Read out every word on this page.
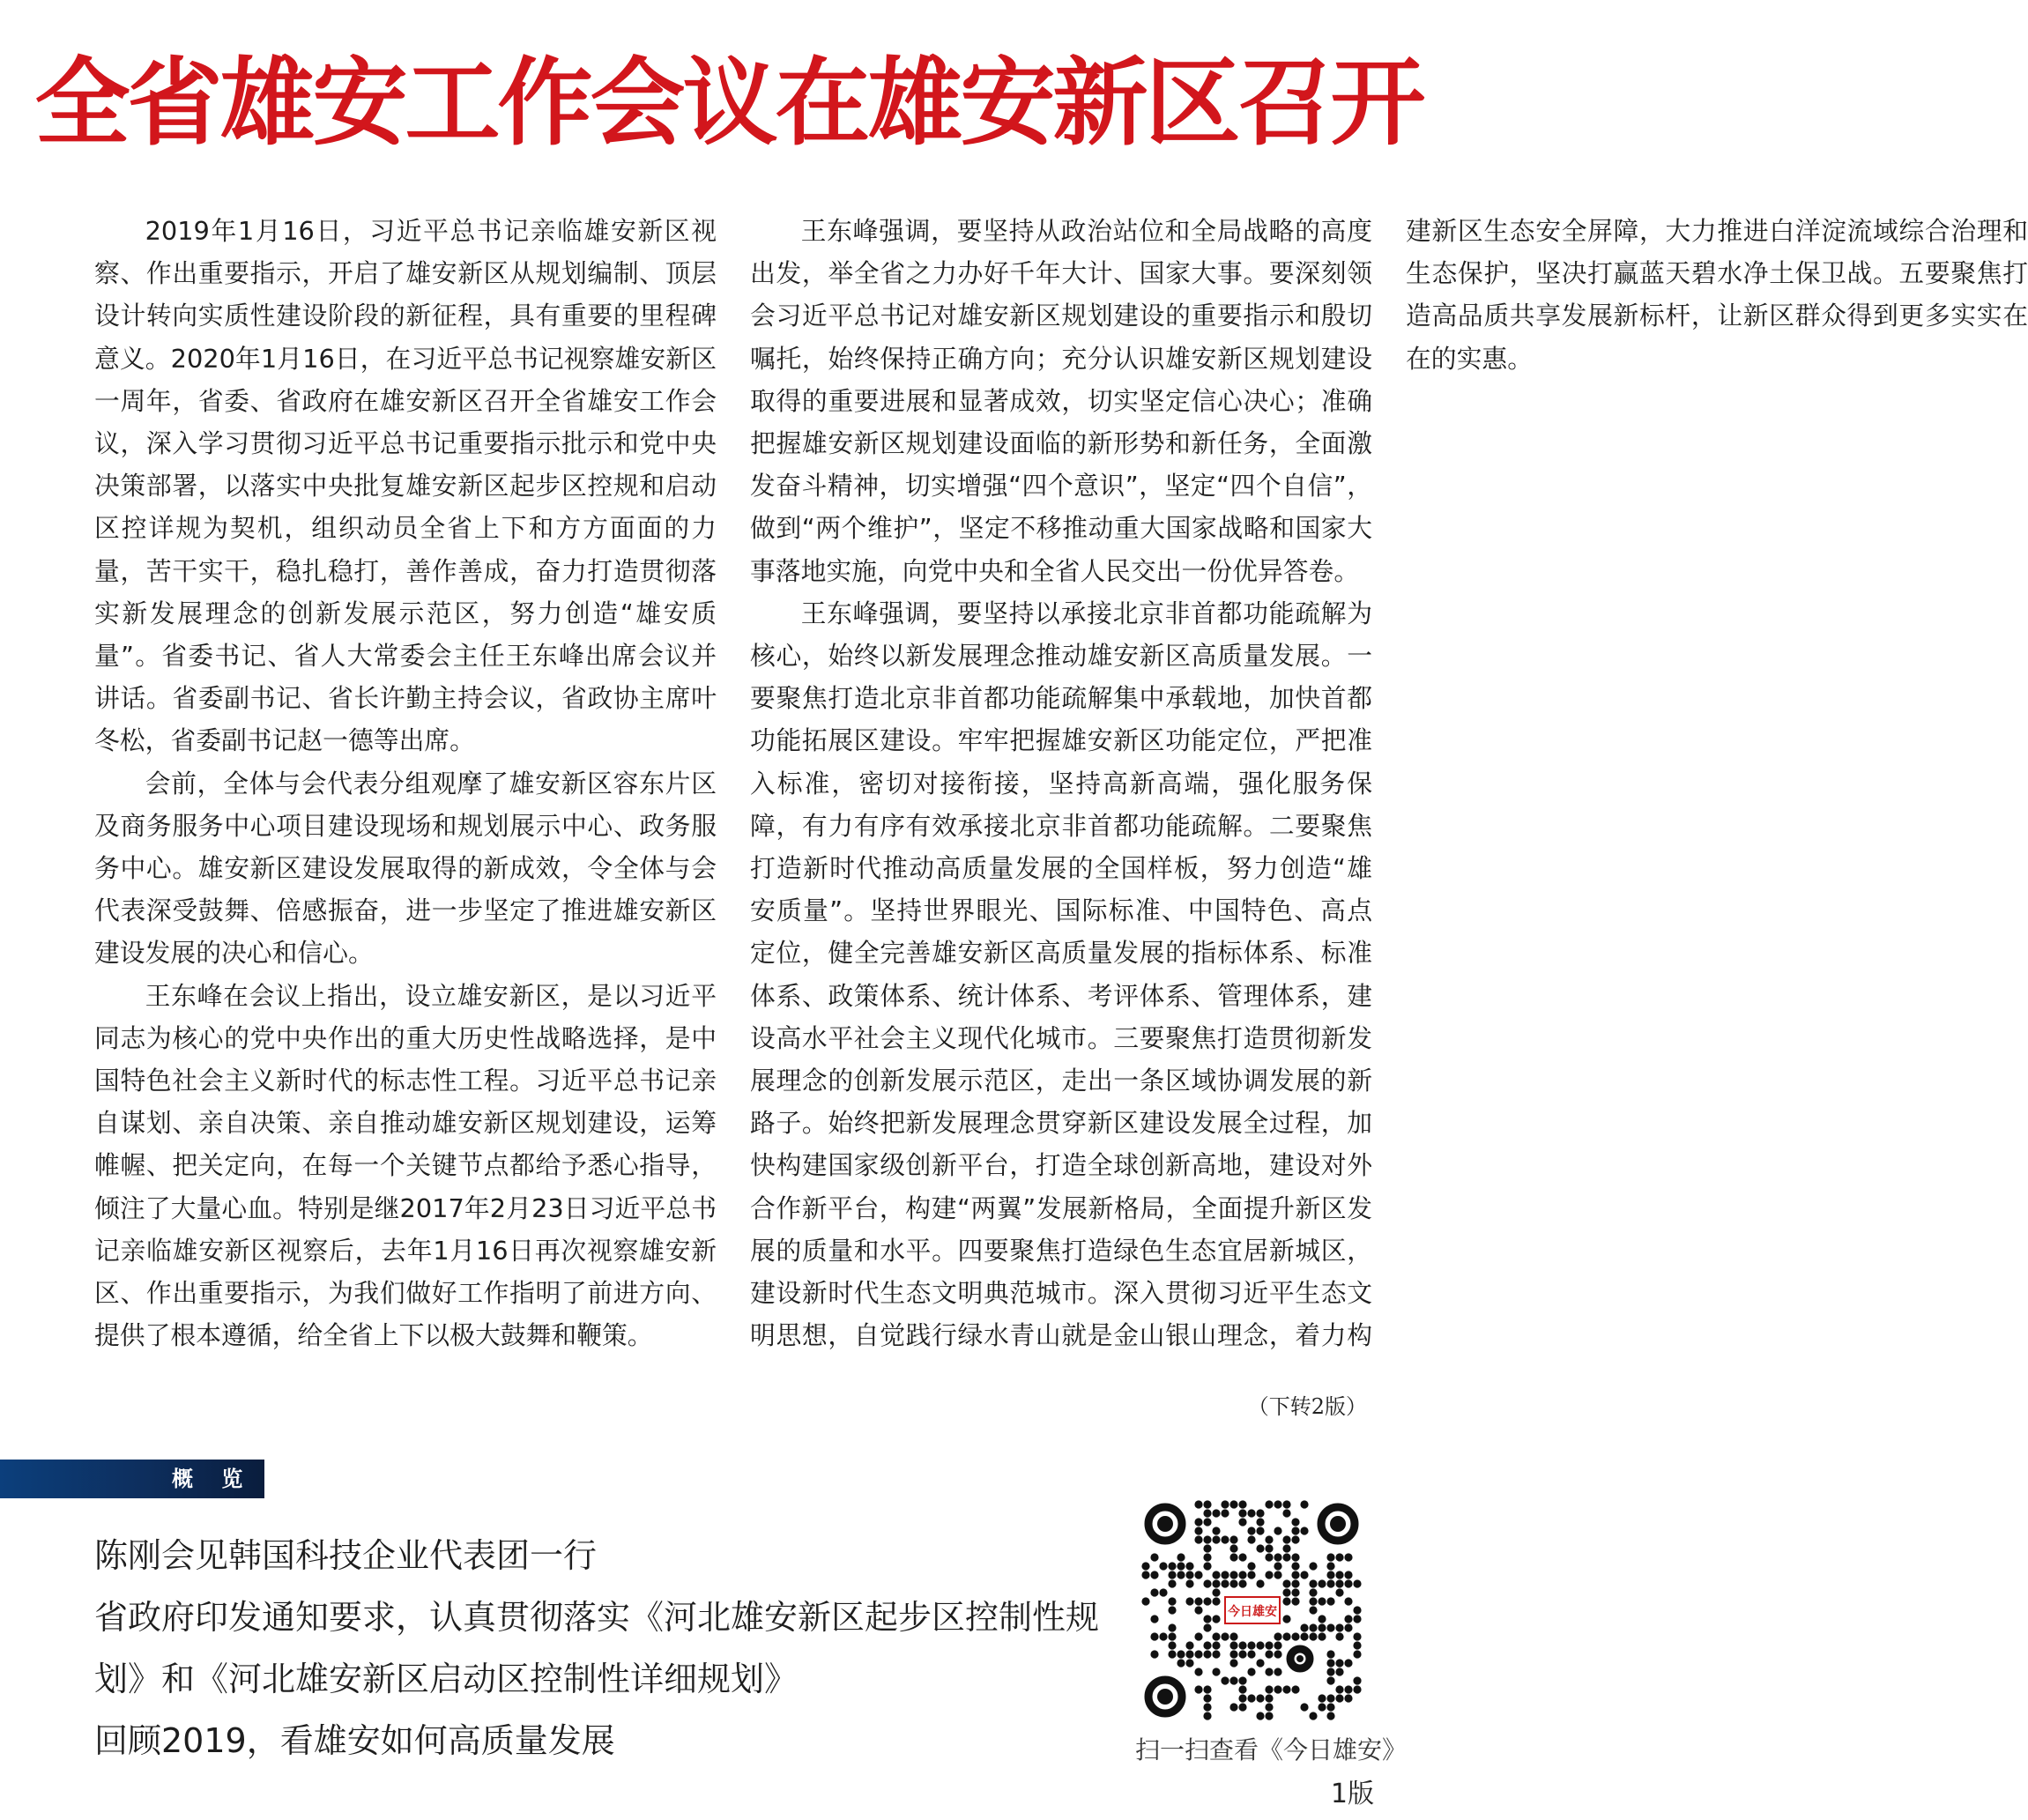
全省雄安工作会议在雄安新区召开

2019年1月16日，习近平总书记亲临雄安新区视察、作出重要指示，开启了雄安新区从规划编制、顶层设计转向实质性建设阶段的新征程，具有重要的里程碑意义。2020年1月16日，在习近平总书记视察雄安新区一周年，省委、省政府在雄安新区召开全省雄安工作会议，深入学习贯彻习近平总书记重要指示批示和党中央决策部署，以落实中央批复雄安新区起步区控规和启动区控详规为契机，组织动员全省上下和方方面面的力量，苦干实干，稳扎稳打，善作善成，奋力打造贯彻落实新发展理念的创新发展示范区，努力创造“雄安质量”。省委书记、省人大常委会主任王东峰出席会议并讲话。省委副书记、省长许勤主持会议，省政协主席叶冬松，省委副书记赵一德等出席。

会前，全体与会代表分组观摩了雄安新区容东片区及商务服务中心项目建设现场和规划展示中心、政务服务中心。雄安新区建设发展取得的新成效，令全体与会代表深受鼓舞、倍感振奋，进一步坚定了推进雄安新区建设发展的决心和信心。

王东峰在会议上指出，设立雄安新区，是以习近平同志为核心的党中央作出的重大历史性战略选择，是中国特色社会主义新时代的标志性工程。习近平总书记亲自谋划、亲自决策、亲自推动雄安新区规划建设，运筹帷幄、把关定向，在每一个关键节点都给予悉心指导，倾注了大量心血。特别是继2017年2月23日习近平总书记亲临雄安新区视察后，去年1月16日再次视察雄安新区、作出重要指示，为我们做好工作指明了前进方向、提供了根本遵循，给全省上下以极大鼓舞和鞭策。

王东峰强调，要坚持从政治站位和全局战略的高度出发，举全省之力办好千年大计、国家大事。要深刻领会习近平总书记对雄安新区规划建设的重要指示和殷切嘱托，始终保持正确方向；充分认识雄安新区规划建设取得的重要进展和显著成效，切实坚定信心决心；准确把握雄安新区规划建设面临的新形势和新任务，全面激发奋斗精神，切实增强“四个意识”，坚定“四个自信”，做到“两个维护”，坚定不移推动重大国家战略和国家大事落地实施，向党中央和全省人民交出一份优异答卷。

王东峰强调，要坚持以承接北京非首都功能疏解为核心，始终以新发展理念推动雄安新区高质量发展。一要聚焦打造北京非首都功能疏解集中承载地，加快首都功能拓展区建设。牢牢把握雄安新区功能定位，严把准入标准，密切对接衔接，坚持高新高端，强化服务保障，有力有序有效承接北京非首都功能疏解。二要聚焦打造新时代推动高质量发展的全国样板，努力创造“雄安质量”。坚持世界眼光、国际标准、中国特色、高点定位，健全完善雄安新区高质量发展的指标体系、标准体系、政策体系、统计体系、考评体系、管理体系，建设高水平社会主义现代化城市。三要聚焦打造贯彻新发展理念的创新发展示范区，走出一条区域协调发展的新路子。始终把新发展理念贯穿新区建设发展全过程，加快构建国家级创新平台，打造全球创新高地，建设对外合作新平台，构建“两翼”发展新格局，全面提升新区发展的质量和水平。四要聚焦打造绿色生态宜居新城区，建设新时代生态文明典范城市。深入贯彻习近平生态文明思想，自觉践行绿水青山就是金山银山理念，着力构建新区生态安全屏障，大力推进白洋淀流域综合治理和生态保护，坚决打赢蓝天碧水净土保卫战。五要聚焦打造高品质共享发展新标杆，让新区群众得到更多实实在在的实惠。

（下转2版）
概 览
陈刚会见韩国科技企业代表团一行
省政府印发通知要求，认真贯彻落实《河北雄安新区起步区控制性规划》和《河北雄安新区启动区控制性详细规划》
回顾2019，看雄安如何高质量发展
今日雄安
扫一扫查看《今日雄安》
1版
